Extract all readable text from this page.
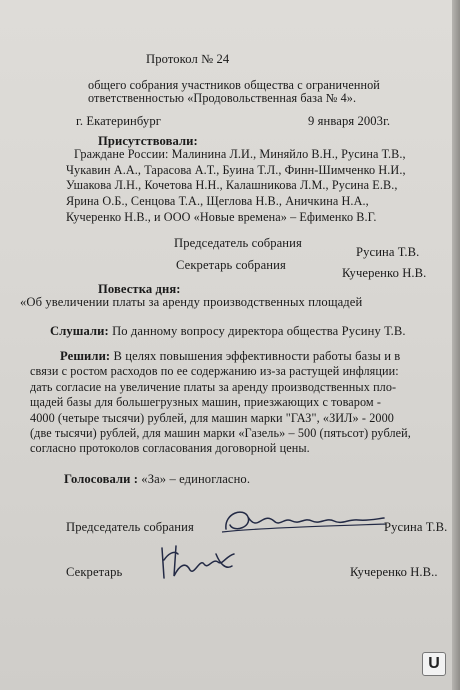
Протокол № 24
общего собрания участников общества с ограниченной
ответственностью «Продовольственная база № 4».
г. Екатеринбург	9 января 2003г.
Присутствовали:
Граждане России: Малинина Л.И., Миняйло В.Н., Русина Т.В.,
Чукавин А.А., Тарасова А.Т., Буина Т.Л., Финн-Шимченко Н.И.,
Ушакова Л.Н., Кочетова Н.Н., Калашникова Л.М., Русина Е.В.,
Ярина О.Б., Сенцова Т.А., Щеглова Н.В., Аничкина Н.А.,
Кучеренко Н.В., и ООО «Новые времена» – Ефименко В.Г.
Председатель собрания
Русина Т.В.
Секретарь собрания
Кучеренко Н.В.
Повестка дня:
«Об увеличении платы за аренду производственных площадей
Слушали: По данному вопросу директора общества Русину Т.В.
Решили: В целях повышения эффективности работы базы и в
связи с ростом расходов по ее содержанию из-за растущей инфляции:
дать согласие на увеличение платы за аренду производственных пло-
щадей базы для большегрузных машин, приезжающих с товаром -
4000 (четыре тысячи) рублей, для машин марки "ГАЗ", «ЗИЛ» - 2000
(две тысячи) рублей, для машин марки «Газель» – 500 (пятьсот) рублей,
согласно протоколов согласования договорной цены.
Голосовали : «За» – единогласно.
Председатель собрания	Русина Т.В.
Секретарь	Кучеренко Н.В..
U
